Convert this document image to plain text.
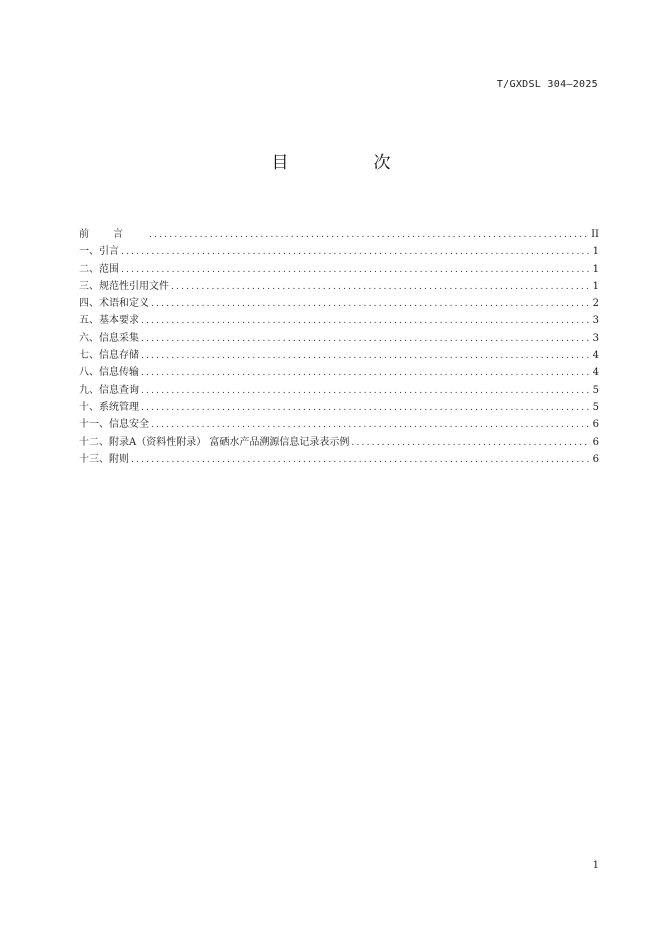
T/GXDSL 304—2025
目　次
前言 .....	II
一、引言 .....	1
二、范围 .....	1
三、规范性引用文件 .....	1
四、术语和定义 .....	2
五、基本要求 .....	3
六、信息采集 .....	3
七、信息存储 .....	4
八、信息传输 .....	4
九、信息查询 .....	5
十、系统管理 .....	5
十一、信息安全 .....	6
十二、附录A（资料性附录） 富硒水产品溯源信息记录表示例 .....	6
十三、附则 .....	6
1
